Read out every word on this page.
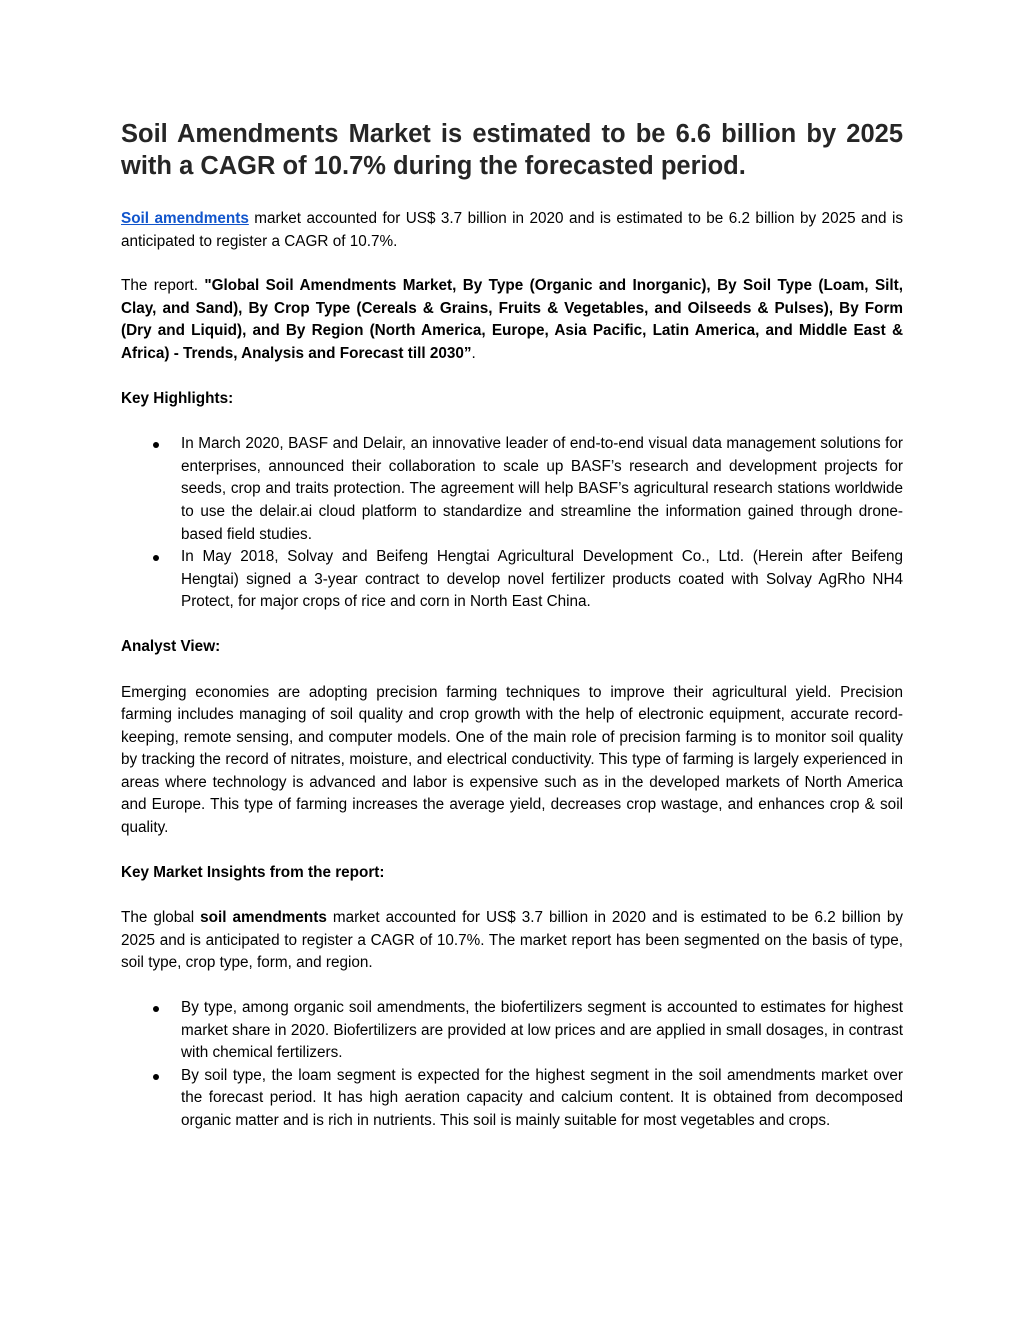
Soil Amendments Market is estimated to be 6.6 billion by 2025 with a CAGR of 10.7% during the forecasted period.

Soil amendments market accounted for US$ 3.7 billion in 2020 and is estimated to be 6.2 billion by 2025 and is anticipated to register a CAGR of 10.7%.

The report. "Global Soil Amendments Market, By Type (Organic and Inorganic), By Soil Type (Loam, Silt, Clay, and Sand), By Crop Type (Cereals & Grains, Fruits & Vegetables, and Oilseeds & Pulses), By Form (Dry and Liquid), and By Region (North America, Europe, Asia Pacific, Latin America, and Middle East & Africa) - Trends, Analysis and Forecast till 2030”.

Key Highlights:
In March 2020, BASF and Delair, an innovative leader of end-to-end visual data management solutions for enterprises, announced their collaboration to scale up BASF’s research and development projects for seeds, crop and traits protection. The agreement will help BASF’s agricultural research stations worldwide to use the delair.ai cloud platform to standardize and streamline the information gained through drone-based field studies.
In May 2018, Solvay and Beifeng Hengtai Agricultural Development Co., Ltd. (Herein after Beifeng Hengtai) signed a 3-year contract to develop novel fertilizer products coated with Solvay AgRho NH4 Protect, for major crops of rice and corn in North East China.
Analyst View:

Emerging economies are adopting precision farming techniques to improve their agricultural yield. Precision farming includes managing of soil quality and crop growth with the help of electronic equipment, accurate record-keeping, remote sensing, and computer models. One of the main role of precision farming is to monitor soil quality by tracking the record of nitrates, moisture, and electrical conductivity. This type of farming is largely experienced in areas where technology is advanced and labor is expensive such as in the developed markets of North America and Europe. This type of farming increases the average yield, decreases crop wastage, and enhances crop & soil quality.

Key Market Insights from the report:

The global soil amendments market accounted for US$ 3.7 billion in 2020 and is estimated to be 6.2 billion by 2025 and is anticipated to register a CAGR of 10.7%. The market report has been segmented on the basis of type, soil type, crop type, form, and region.

By type, among organic soil amendments, the biofertilizers segment is accounted to estimates for highest market share in 2020. Biofertilizers are provided at low prices and are applied in small dosages, in contrast with chemical fertilizers.
By soil type, the loam segment is expected for the highest segment in the soil amendments market over the forecast period. It has high aeration capacity and calcium content. It is obtained from decomposed organic matter and is rich in nutrients. This soil is mainly suitable for most vegetables and crops.
